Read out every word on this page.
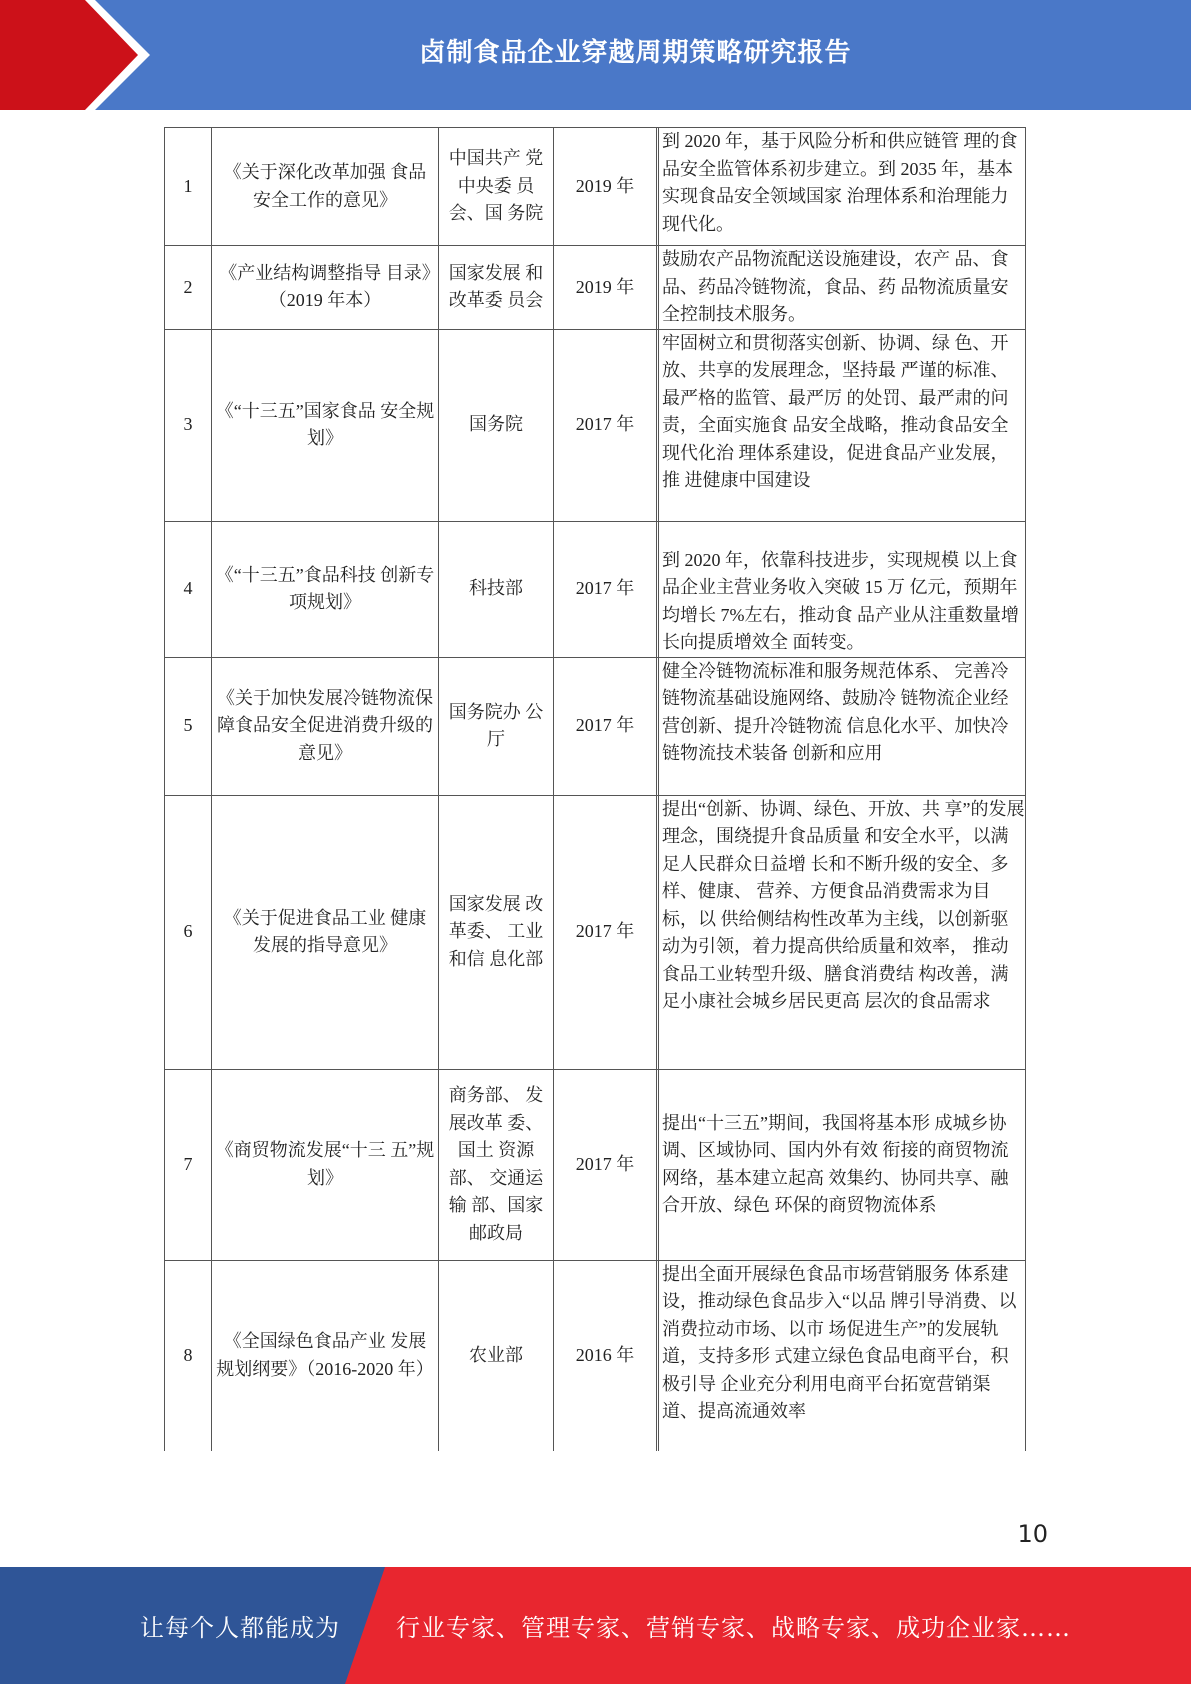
卤制食品企业穿越周期策略研究报告
1	《关于深化改革加强 食品安全工作的意见》	中国共产 党中央委 员会、国 务院	2019 年		到 2020 年，基于风险分析和供应链管 理的食品安全监管体系初步建立。到 2035 年，基本实现食品安全领域国家 治理体系和治理能力现代化。
2	《产业结构调整指导 目录》（2019 年本）	国家发展 和改革委 员会	2019 年		鼓励农产品物流配送设施建设，农产 品、食品、药品冷链物流，食品、药 品物流质量安全控制技术服务。
3	《“十三五”国家食品 安全规划》	国务院	2017 年		牢固树立和贯彻落实创新、协调、绿 色、开放、共享的发展理念，坚持最 严谨的标准、最严格的监管、最严厉 的处罚、最严肃的问责，全面实施食 品安全战略，推动食品安全现代化治 理体系建设，促进食品产业发展，推 进健康中国建设
4	《“十三五”食品科技 创新专项规划》	科技部	2017 年		到 2020 年，依靠科技进步，实现规模 以上食品企业主营业务收入突破 15 万 亿元，预期年均增长 7%左右，推动食 品产业从注重数量增长向提质增效全 面转变。
5	《关于加快发展冷链物流保障食品安全促进消费升级的意见》	国务院办 公厅	2017 年		健全冷链物流标准和服务规范体系、 完善冷链物流基础设施网络、鼓励冷 链物流企业经营创新、提升冷链物流 信息化水平、加快冷链物流技术装备 创新和应用
6	《关于促进食品工业 健康发展的指导意见》	国家发展 改革委、 工业和信 息化部	2017 年		提出“创新、协调、绿色、开放、共 享”的发展理念，围绕提升食品质量 和安全水平，以满足人民群众日益增 长和不断升级的安全、多样、健康、 营养、方便食品消费需求为目标，以 供给侧结构性改革为主线，以创新驱 动为引领，着力提高供给质量和效率， 推动食品工业转型升级、膳食消费结 构改善，满足小康社会城乡居民更高 层次的食品需求
7	《商贸物流发展“十三 五”规划》	商务部、 发展改革 委、国土 资源部、 交通运输 部、国家邮政局	2017 年		提出“十三五”期间，我国将基本形 成城乡协调、区域协同、国内外有效 衔接的商贸物流网络，基本建立起高 效集约、协同共享、融合开放、绿色 环保的商贸物流体系
8	《全国绿色食品产业 发展规划纲要》（2016-2020 年）	农业部	2016 年		提出全面开展绿色食品市场营销服务 体系建设，推动绿色食品步入“以品 牌引导消费、以消费拉动市场、以市 场促进生产”的发展轨道，支持多形 式建立绿色食品电商平台，积极引导 企业充分利用电商平台拓宽营销渠 道、提高流通效率
10
让每个人都能成为 行业专家、管理专家、营销专家、战略专家、成功企业家……
